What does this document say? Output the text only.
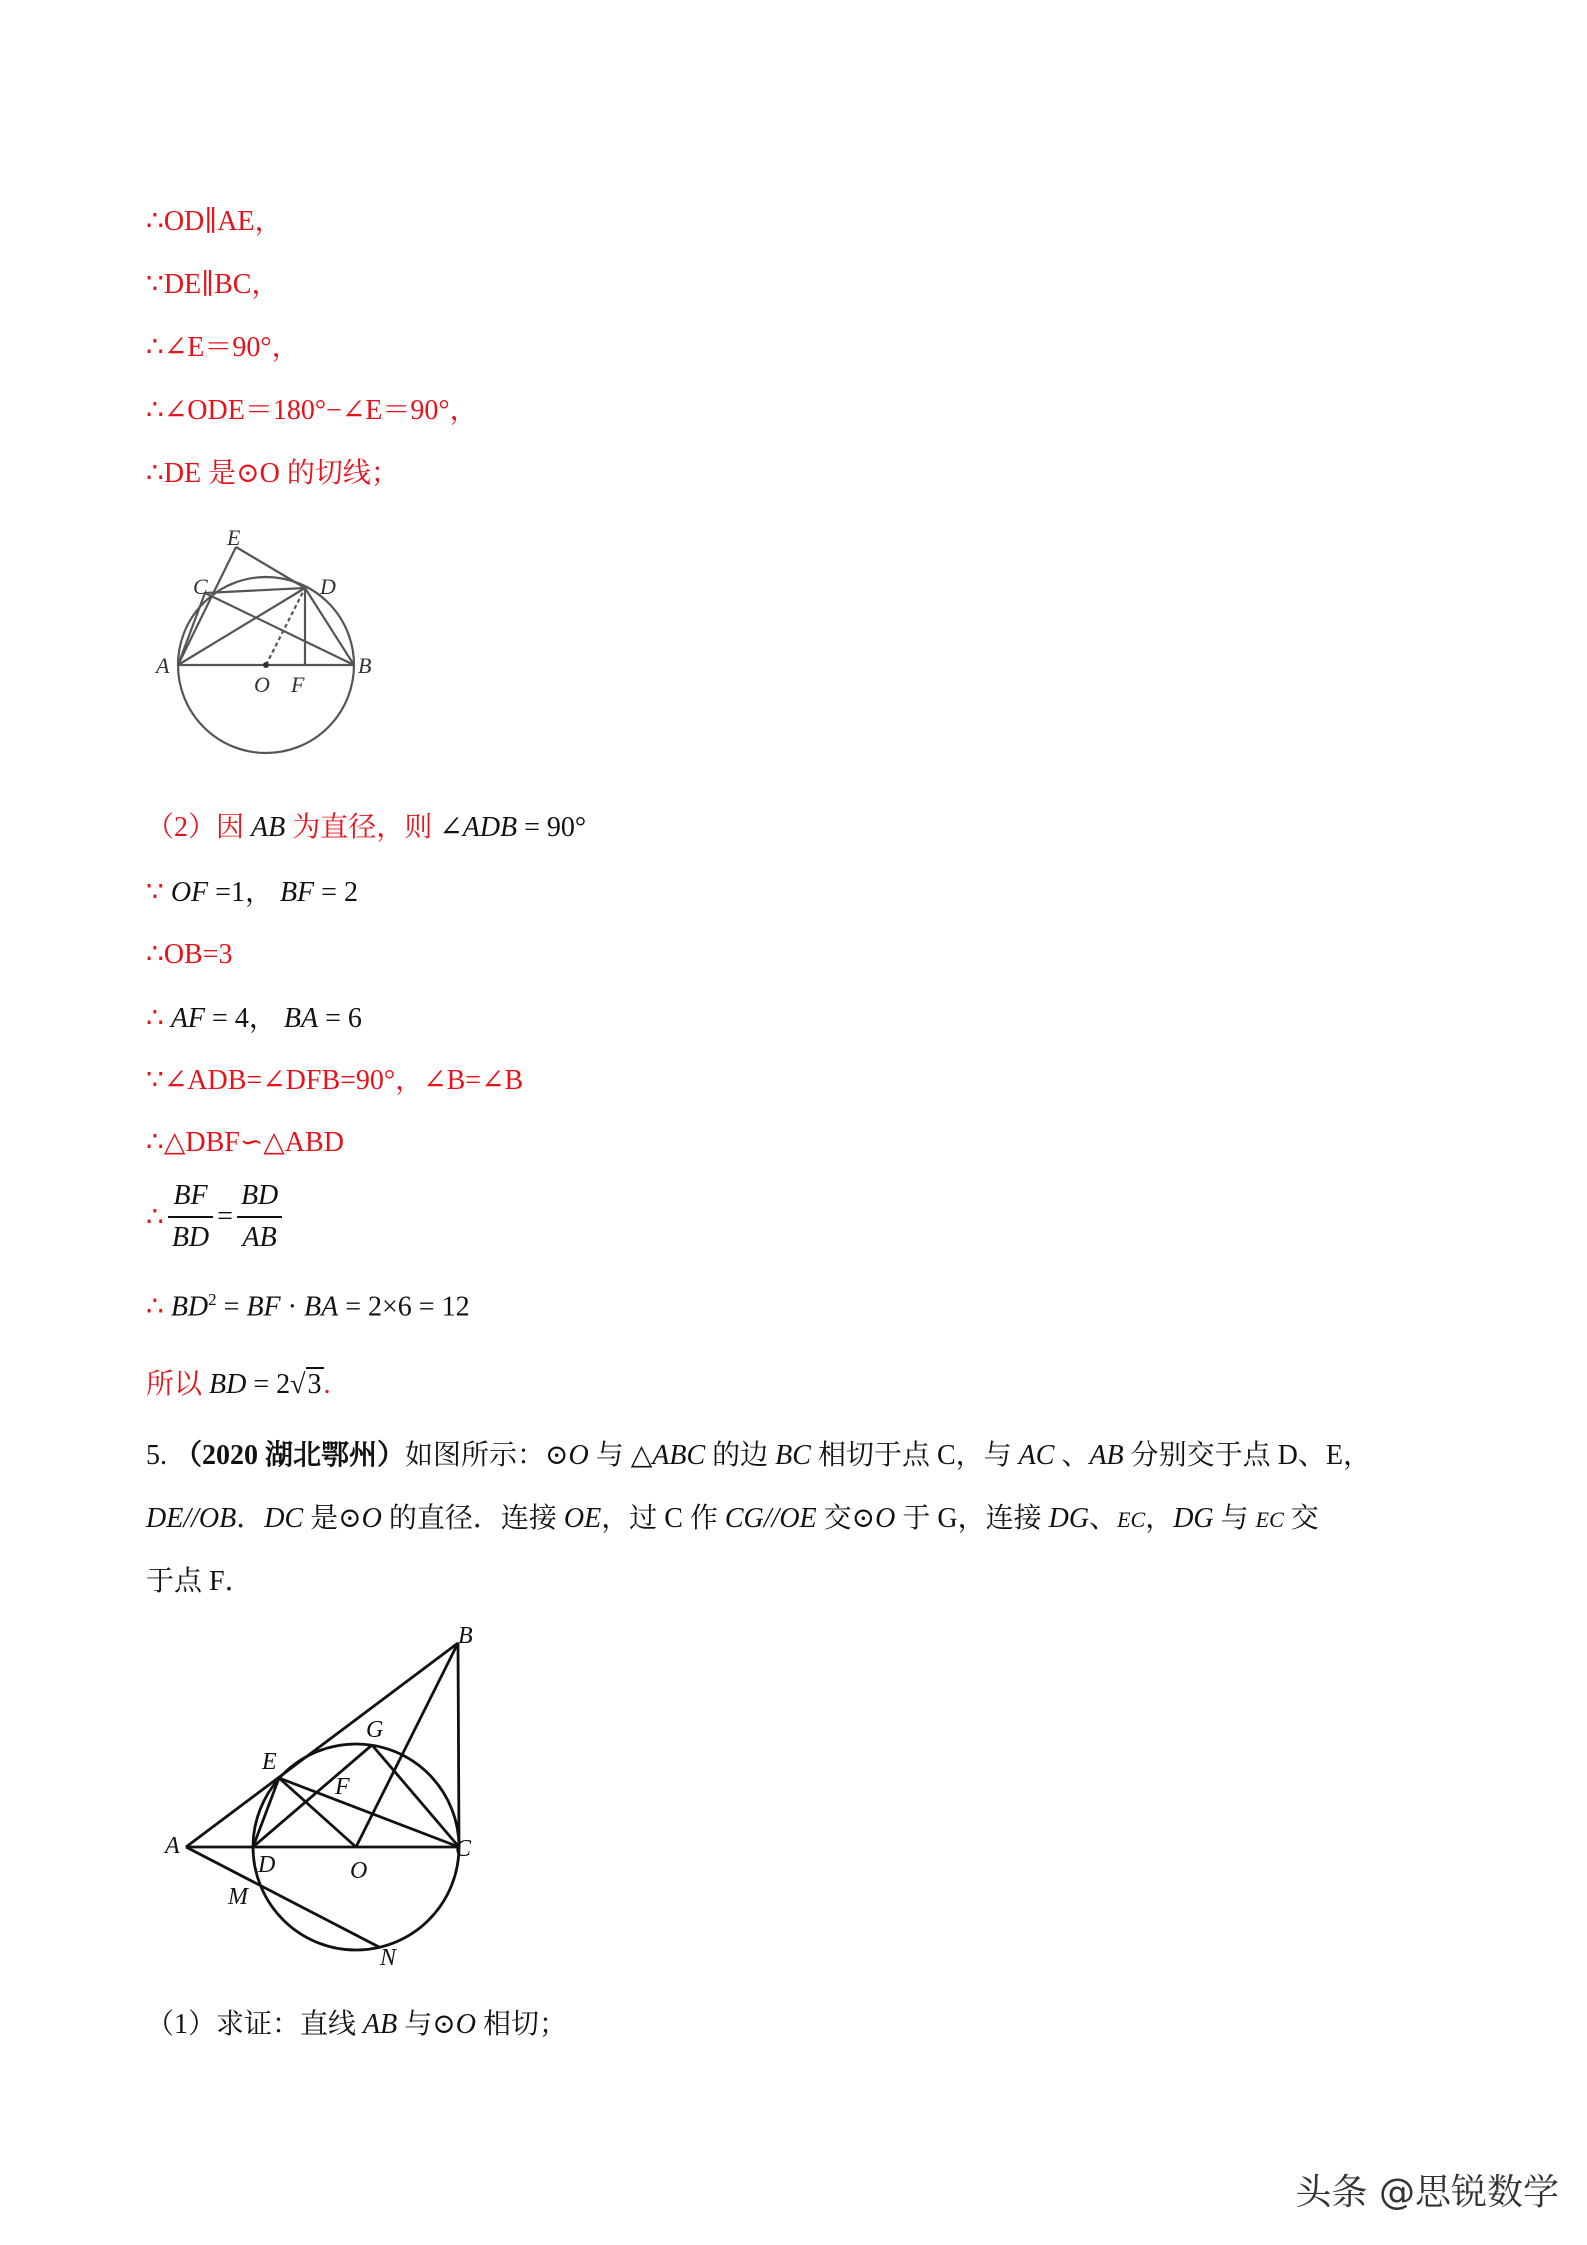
∴OD∥AE，
∵DE∥BC，
∴∠E＝90°，
∴∠ODE＝180°−∠E＝90°，
∴DE 是⊙O 的切线；
E
C	D
A	B
O F
（2）因 AB 为直径，则 ∠ADB = 90°
∵ OF =1， BF = 2
∴OB=3
∴ AF = 4， BA = 6
∵∠ADB=∠DFB=90°，∠B=∠B
∴△DBF∽△ABD
∴ $\frac{BF}{BD} = \frac{BD}{AB}$
∴ $BD^2$ = BF · BA = 2×6 = 12
所以 BD = 2√3.
5. （2020 湖北鄂州）如图所示：⊙O 与 △ABC 的边 BC 相切于点 C，与 AC 、AB 分别交于点 D、E，
DE//OB．DC 是⊙O 的直径．连接 OE，过 C 作 CG//OE 交⊙O 于 G，连接 DG、EC，DG 与 EC 交
于点 F．
B
G
E
F
A
D	O
C
M
N
（1）求证：直线 AB 与⊙O 相切；
头条 @思锐数学
